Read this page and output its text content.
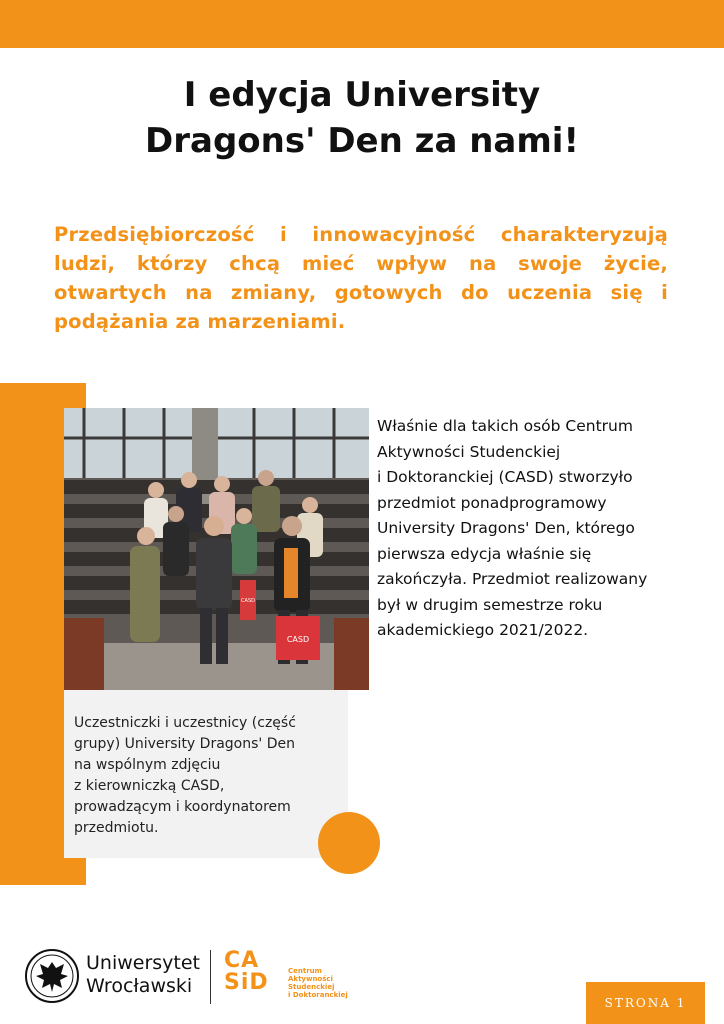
I edycja University
Dragons' Den za nami!

Przedsiębiorczość i innowacyjność charakteryzują ludzi, którzy chcą mieć wpływ na swoje życie, otwartych na zmiany, gotowych do uczenia się i podążania za marzeniami.

CASD
CASD

Uczestniczki i uczestnicy (część
grupy) University Dragons' Den
na wspólnym zdjęciu
z kierowniczką CASD,
prowadzącym i koordynatorem
przedmiotu.

Właśnie dla takich osób Centrum
Aktywności Studenckiej
i Doktoranckiej (CASD) stworzyło
przedmiot ponadprogramowy
University Dragons' Den, którego
pierwsza edycja właśnie się
zakończyła. Przedmiot realizowany
był w drugim semestrze roku
akademickiego 2021/2022.

Uniwersytet
Wrocławski
CA
SiD	Centrum
Aktywności
Studenckiej
i Doktoranckiej
STRONA 1
